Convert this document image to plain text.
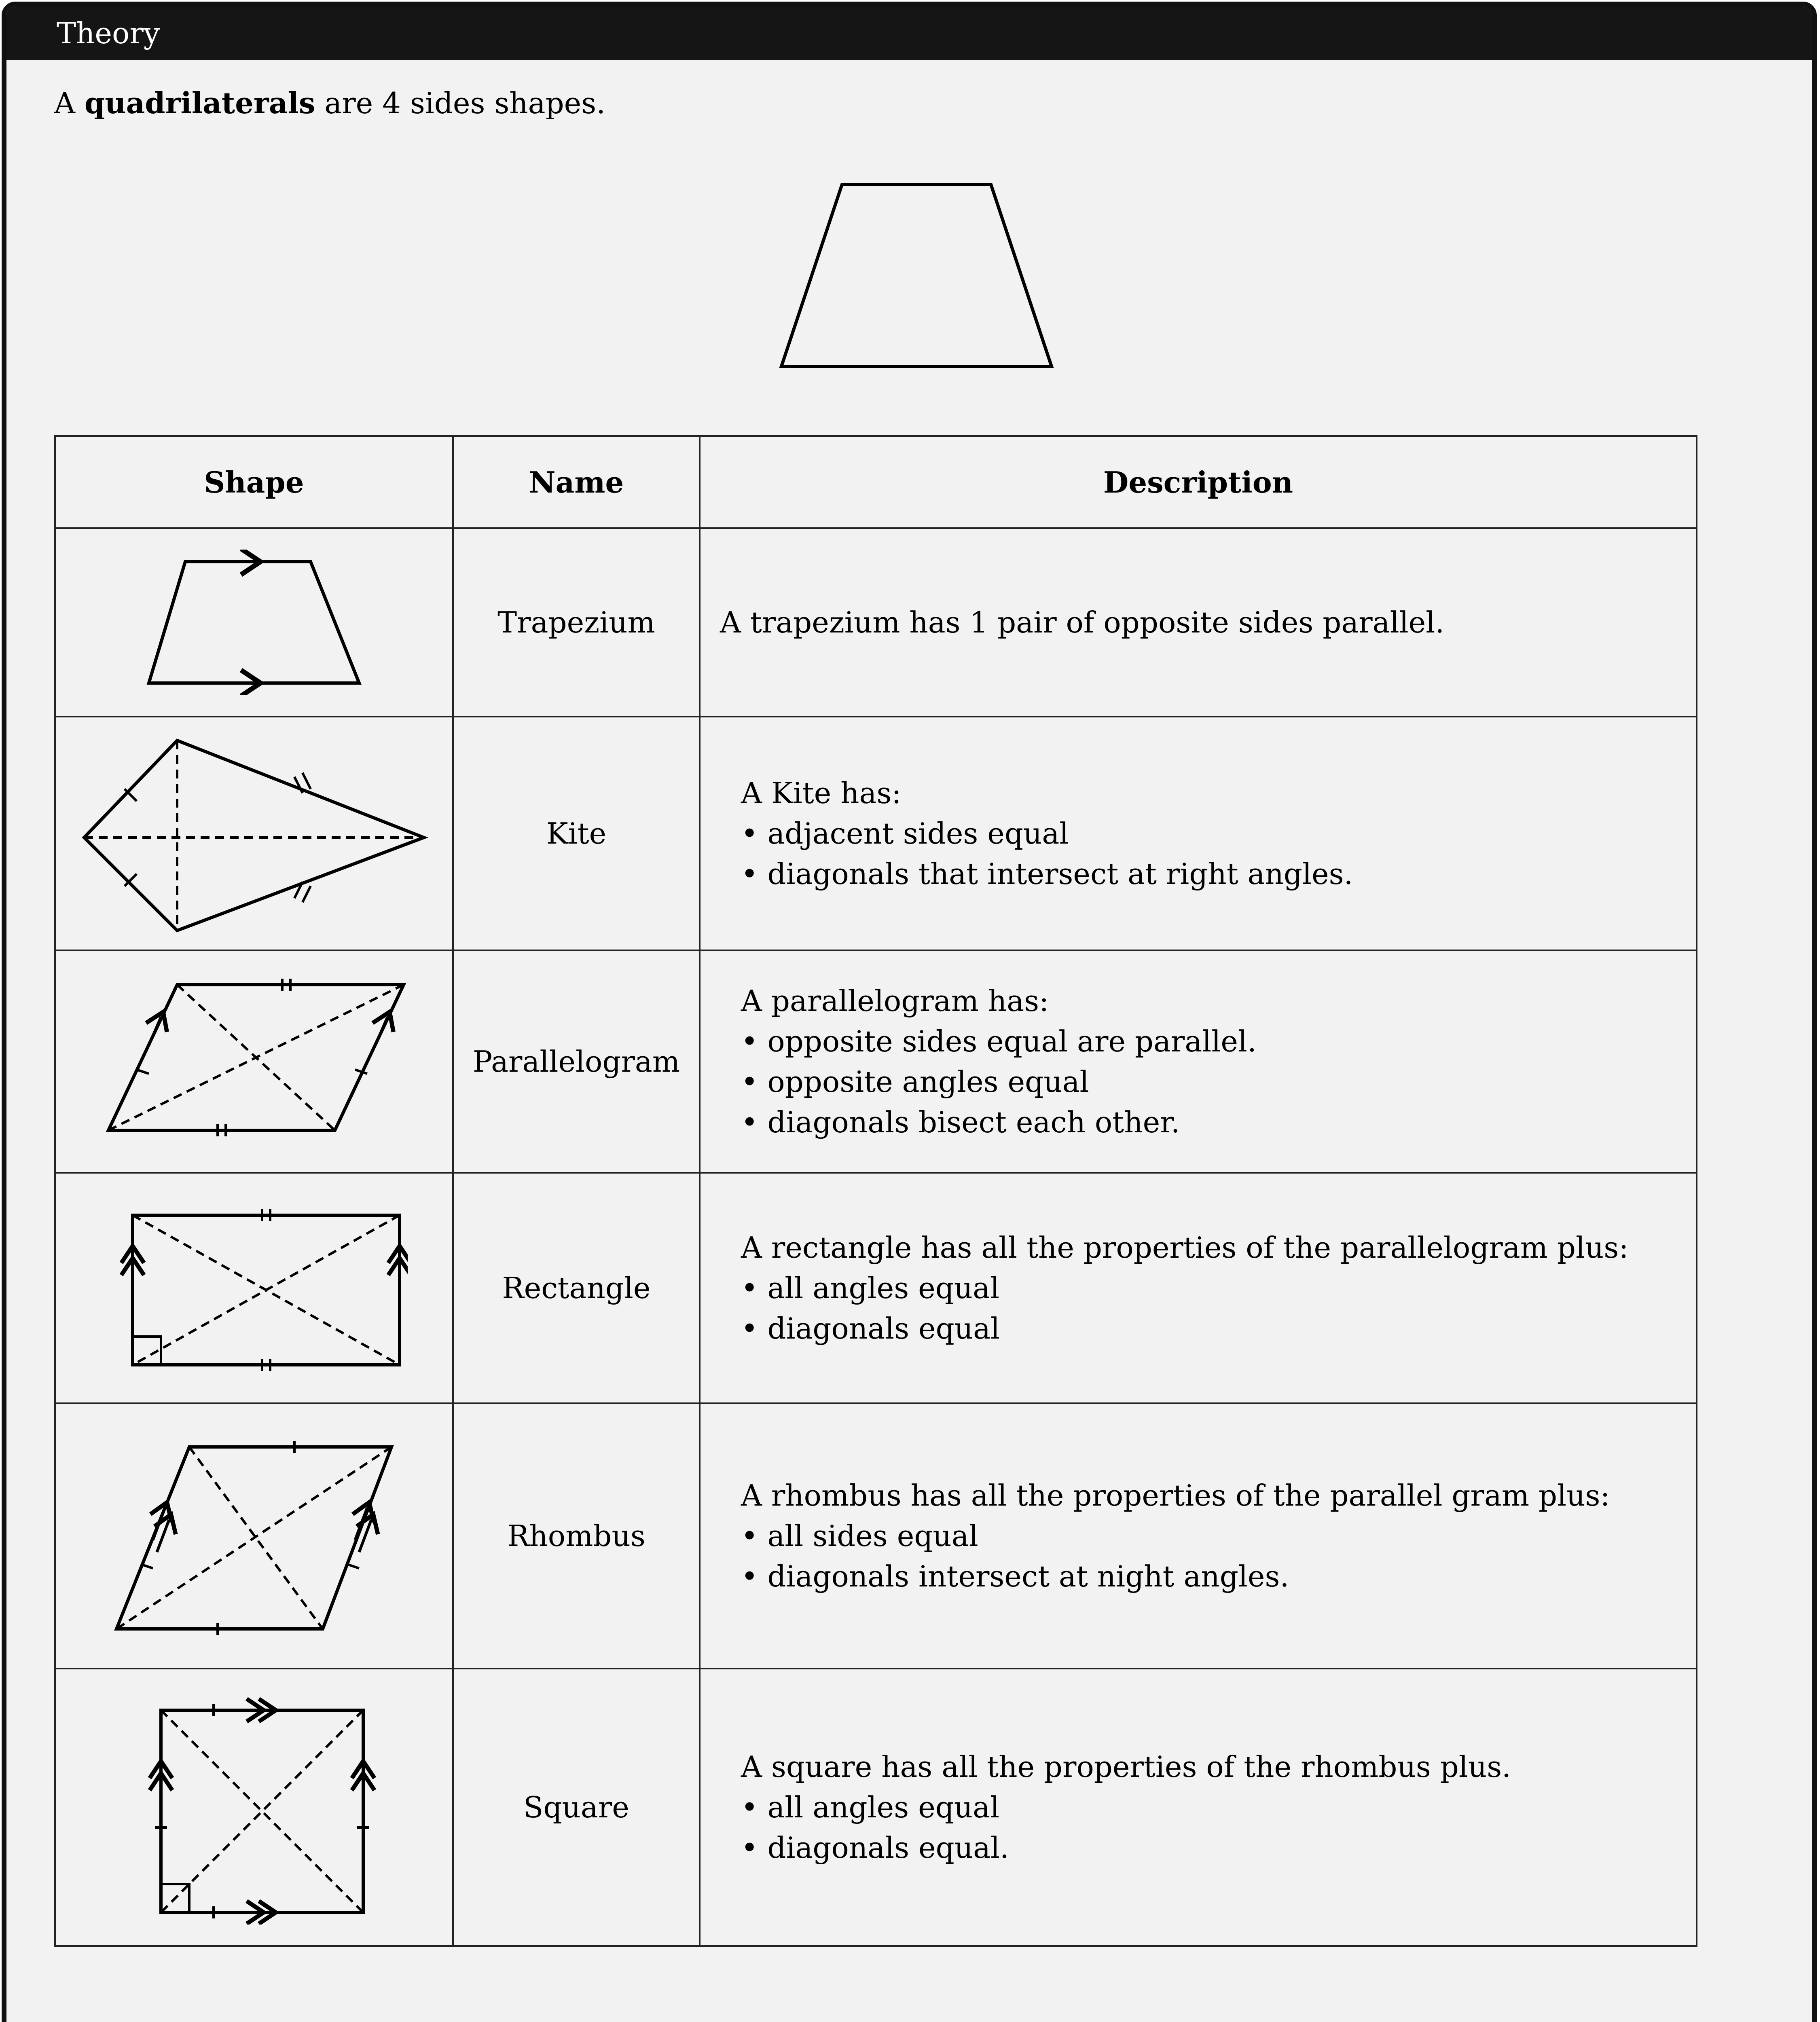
Theory
A quadrilaterals are 4 sides shapes.
Shape	Name	Description

	Trapezium	A trapezium has 1 pair of opposite sides parallel.

	Kite	A Kite has:
• adjacent sides equal
• diagonals that intersect at right angles.

	Parallelogram	A parallelogram has:
• opposite sides equal are parallel.
• opposite angles equal
• diagonals bisect each other.

	Rectangle	A rectangle has all the properties of the parallelogram plus:
• all angles equal
• diagonals equal

	Rhombus	A rhombus has all the properties of the parallel gram plus:
• all sides equal
• diagonals intersect at night angles.

	Square	A square has all the properties of the rhombus plus.
• all angles equal
• diagonals equal.
